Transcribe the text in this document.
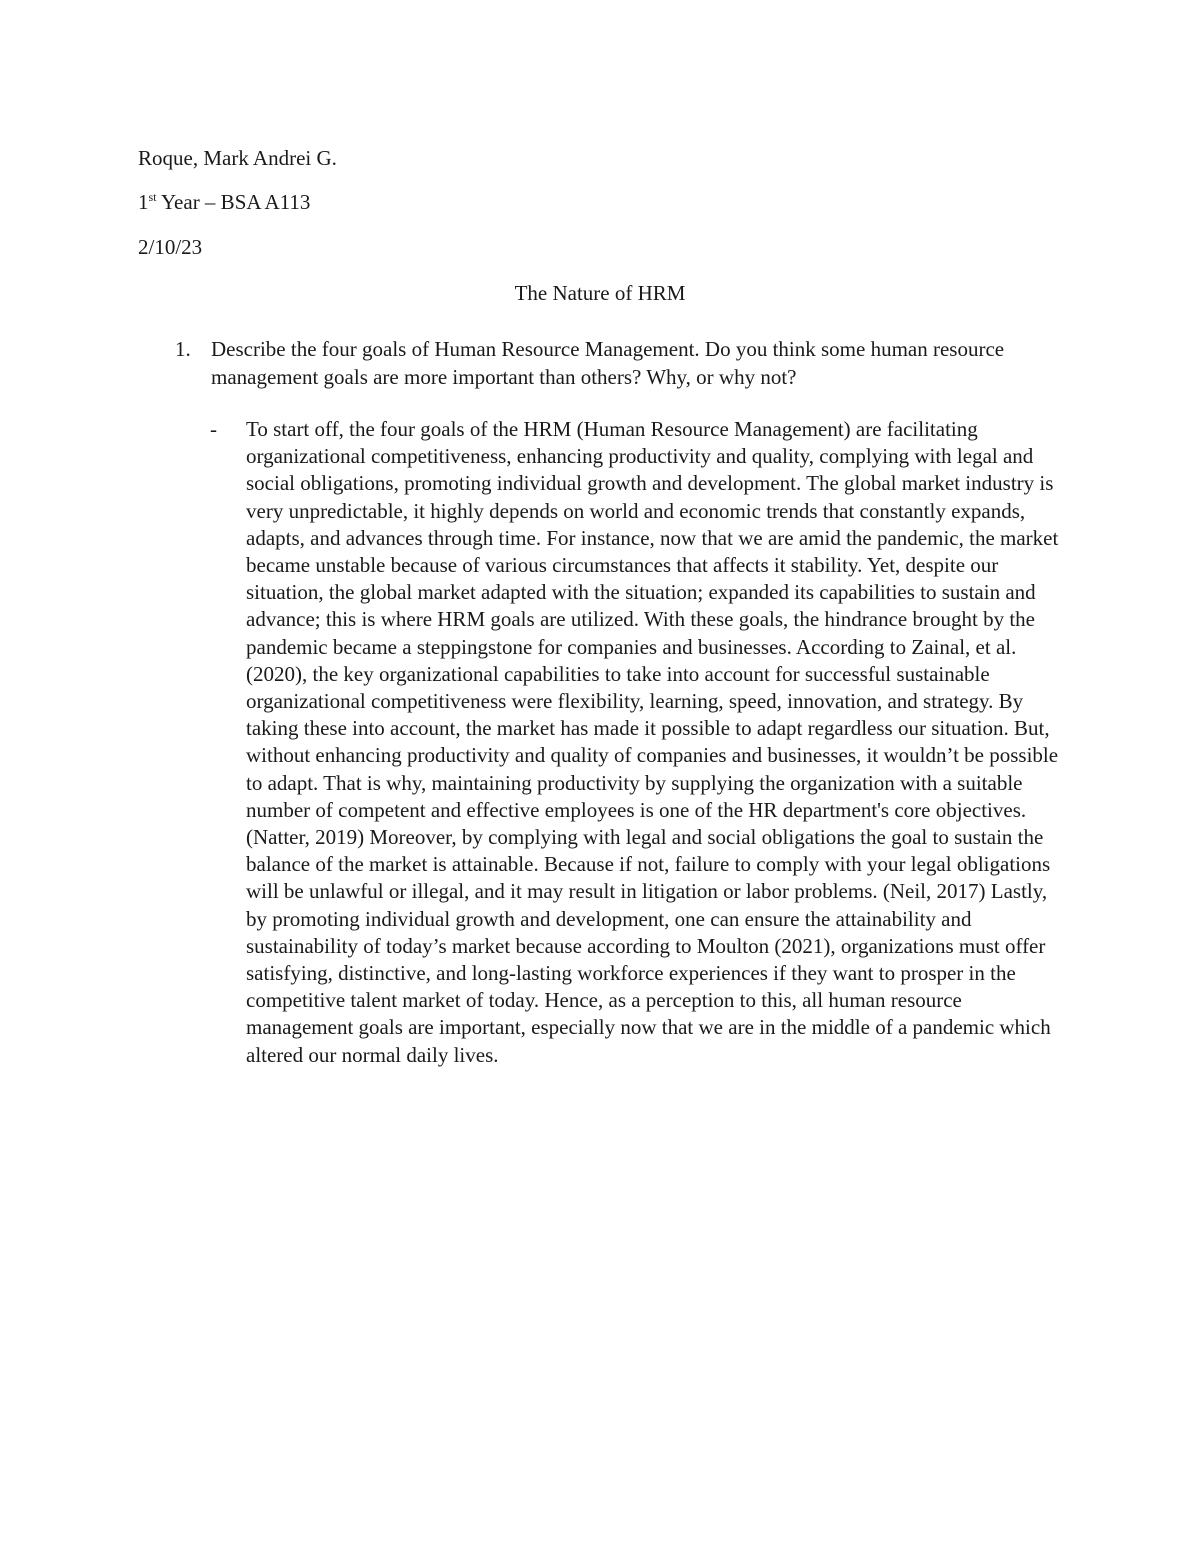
Roque, Mark Andrei G.

1st Year – BSA A113

2/10/23

The Nature of HRM
1. Describe the four goals of Human Resource Management. Do you think some human resource management goals are more important than others? Why, or why not?
- To start off, the four goals of the HRM (Human Resource Management) are facilitating organizational competitiveness, enhancing productivity and quality, complying with legal and social obligations, promoting individual growth and development. The global market industry is very unpredictable, it highly depends on world and economic trends that constantly expands, adapts, and advances through time. For instance, now that we are amid the pandemic, the market became unstable because of various circumstances that affects it stability. Yet, despite our situation, the global market adapted with the situation; expanded its capabilities to sustain and advance; this is where HRM goals are utilized. With these goals, the hindrance brought by the pandemic became a steppingstone for companies and businesses. According to Zainal, et al. (2020), the key organizational capabilities to take into account for successful sustainable organizational competitiveness were flexibility, learning, speed, innovation, and strategy. By taking these into account, the market has made it possible to adapt regardless our situation. But, without enhancing productivity and quality of companies and businesses, it wouldn’t be possible to adapt. That is why, maintaining productivity by supplying the organization with a suitable number of competent and effective employees is one of the HR department's core objectives. (Natter, 2019) Moreover, by complying with legal and social obligations the goal to sustain the balance of the market is attainable. Because if not, failure to comply with your legal obligations will be unlawful or illegal, and it may result in litigation or labor problems. (Neil, 2017) Lastly, by promoting individual growth and development, one can ensure the attainability and sustainability of today’s market because according to Moulton (2021), organizations must offer satisfying, distinctive, and long-lasting workforce experiences if they want to prosper in the competitive talent market of today. Hence, as a perception to this, all human resource management goals are important, especially now that we are in the middle of a pandemic which altered our normal daily lives.
